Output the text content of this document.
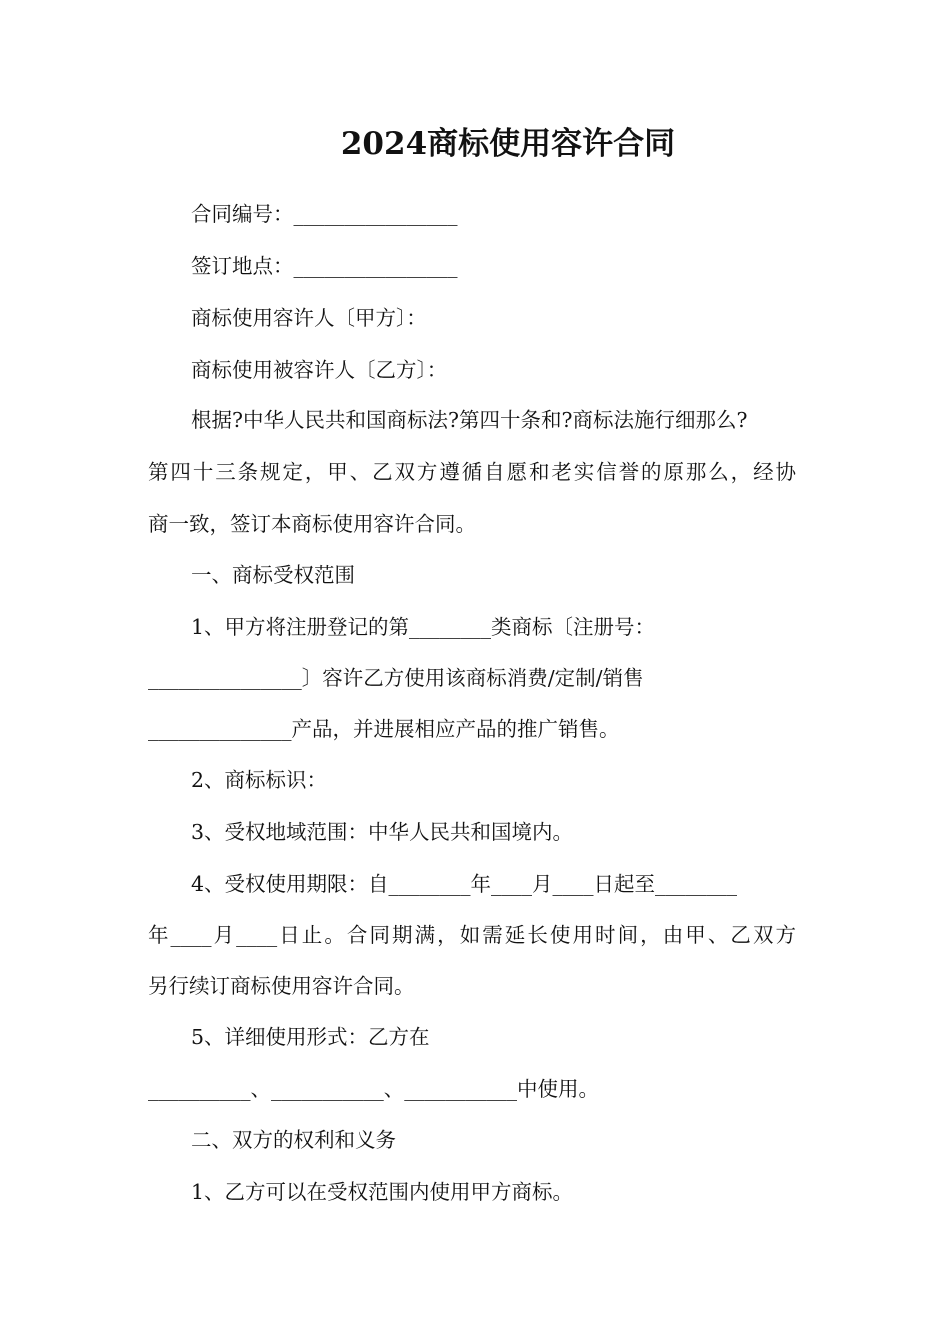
2024商标使用容许合同
合同编号：________________
签订地点：________________
商标使用容许人〔甲方〕：
商标使用被容许人〔乙方〕：
根据?中华人民共和国商标法?第四十条和?商标法施行细那么?
第四十三条规定，甲、乙双方遵循自愿和老实信誉的原那么，经协
商一致，签订本商标使用容许合同。
一、商标受权范围
1、甲方将注册登记的第________类商标〔注册号：
_______________〕容许乙方使用该商标消费/定制/销售
______________产品，并进展相应产品的推广销售。
2、商标标识：
3、受权地域范围：中华人民共和国境内。
4、受权使用期限：自________年____月____日起至________
年____月____日止。合同期满，如需延长使用时间，由甲、乙双方
另行续订商标使用容许合同。
5、详细使用形式：乙方在
__________、___________、___________中使用。
二、双方的权利和义务
1、乙方可以在受权范围内使用甲方商标。
